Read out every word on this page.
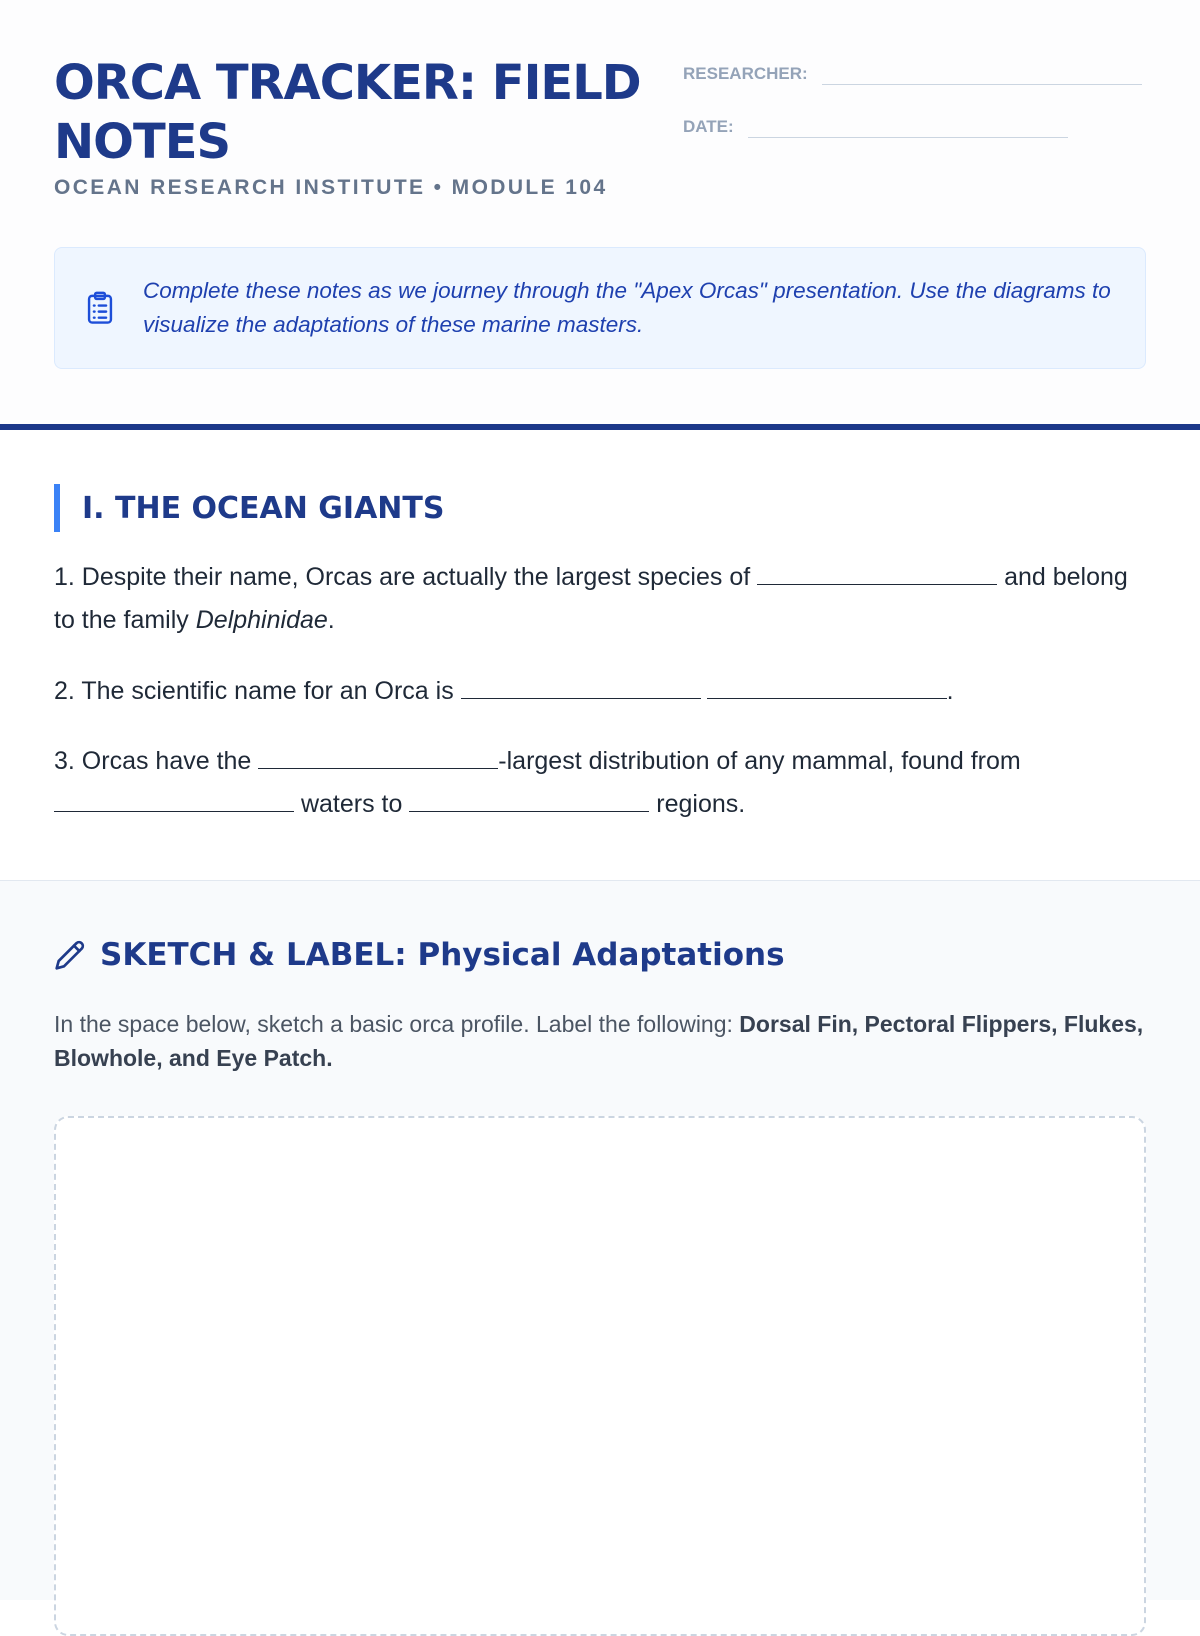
ORCA TRACKER: FIELD NOTES
OCEAN RESEARCH INSTITUTE • MODULE 104
RESEARCHER:
DATE:
Complete these notes as we journey through the "Apex Orcas" presentation. Use the diagrams to visualize the adaptations of these marine masters.
I. THE OCEAN GIANTS
1. Despite their name, Orcas are actually the largest species of	and belong to the family Delphinidae.
2. The scientific name for an Orca is	.
3. Orcas have the	-largest distribution of any mammal, found from  waters to	regions.
SKETCH & LABEL: Physical Adaptations
In the space below, sketch a basic orca profile. Label the following: Dorsal Fin, Pectoral Flippers, Flukes, Blowhole, and Eye Patch.
